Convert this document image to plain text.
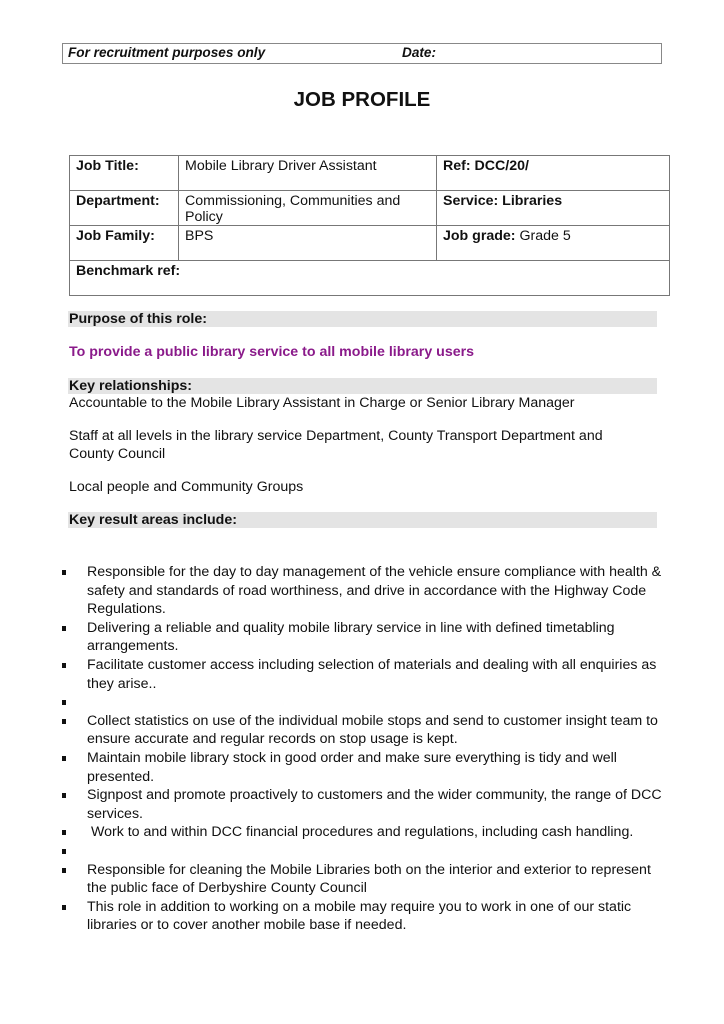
For recruitment purposes only	Date:
JOB PROFILE
Job Title:	Mobile Library Driver Assistant	Ref: DCC/20/
Department:	Commissioning, Communities and Policy	Service: Libraries
Job Family:	BPS	Job grade: Grade 5
Benchmark ref:		
Purpose of this role:
To provide a public library service to all mobile library users
Key relationships:
Accountable to the Mobile Library Assistant in Charge or Senior Library Manager
Staff at all levels in the library service Department, County Transport Department and County Council
Local people and Community Groups
Key result areas include:
Responsible for the day to day management of the vehicle ensure compliance with health & safety and standards of road worthiness, and drive in accordance with the Highway Code Regulations.
Delivering a reliable and quality mobile library service in line with defined timetabling arrangements.
Facilitate customer access including selection of materials and dealing with all enquiries as they arise..
Collect statistics on use of the individual mobile stops and send to customer insight team to ensure accurate and regular records on stop usage is kept.
Maintain mobile library stock in good order and make sure everything is tidy and well presented.
Signpost and promote proactively to customers and the wider community, the range of DCC services.
Work to and within DCC financial procedures and regulations, including cash handling.
Responsible for cleaning the Mobile Libraries both on the interior and exterior to represent the public face of Derbyshire County Council
This role in addition to working on a mobile may require you to work in one of our static libraries or to cover another mobile base if needed.
